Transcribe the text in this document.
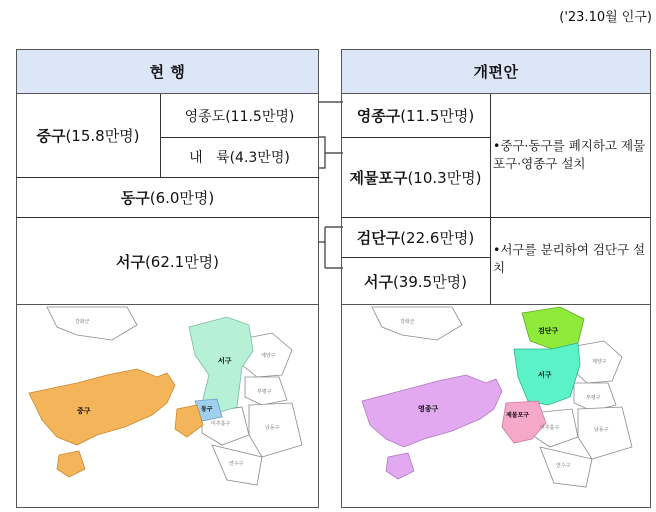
('23.10월 인구)
현 행
중구 (15.8만명)
영종도 (11.5만명)
내   륙 (4.3만명)
동구 (6.0만명)
서구 (62.1만명)
개편안
영종구 (11.5만명)
제물포구 (10.3만명)
검단구 (22.6만명)
서구 (39.5만명)
•중구·동구를 폐지하고 제물포구·영종구 설치
•서구를 분리하여 검단구 설치
서구
중구	동구
강화군
계양구
부평구
미추홀구
남동구
연수구
검단구
서구
영종구
제물포구
강화군
계양구
부평구
미추홀구	남동구
연수구
